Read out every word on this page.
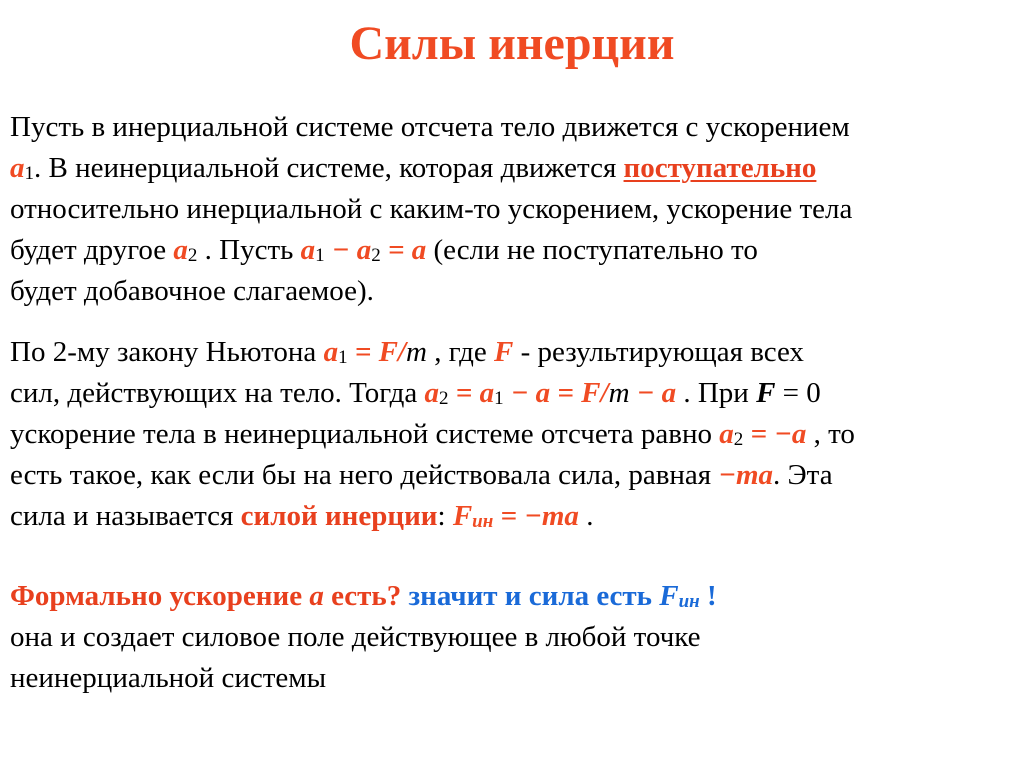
Силы инерции
Пусть в инерциальной системе отсчета тело движется с ускорением
$a_1$. В неинерциальной системе, которая движется поступательно
относительно инерциальной с каким-то ускорением, ускорение тела
будет другое $a_2$ . Пусть $a_1 - a_2 = a$ (если не поступательно то
будет добавочное слагаемое).
По 2-му закону Ньютона $a_1 = F/m$ , где F - результирующая всех
сил, действующих на тело. Тогда $a_2 = a_1 - a = F/m - a$ . При F = 0
ускорение тела в неинерциальной системе отсчета равно $a_2 = -a$ , то
есть такое, как если бы на него действовала сила, равная −ma. Эта
сила и называется силой инерции: $F_{ин} = -ma$ .
Формально ускорение a есть? значит и сила есть $F_{ин}$ !
она и создает силовое поле действующее в любой точке
неинерциальной системы
